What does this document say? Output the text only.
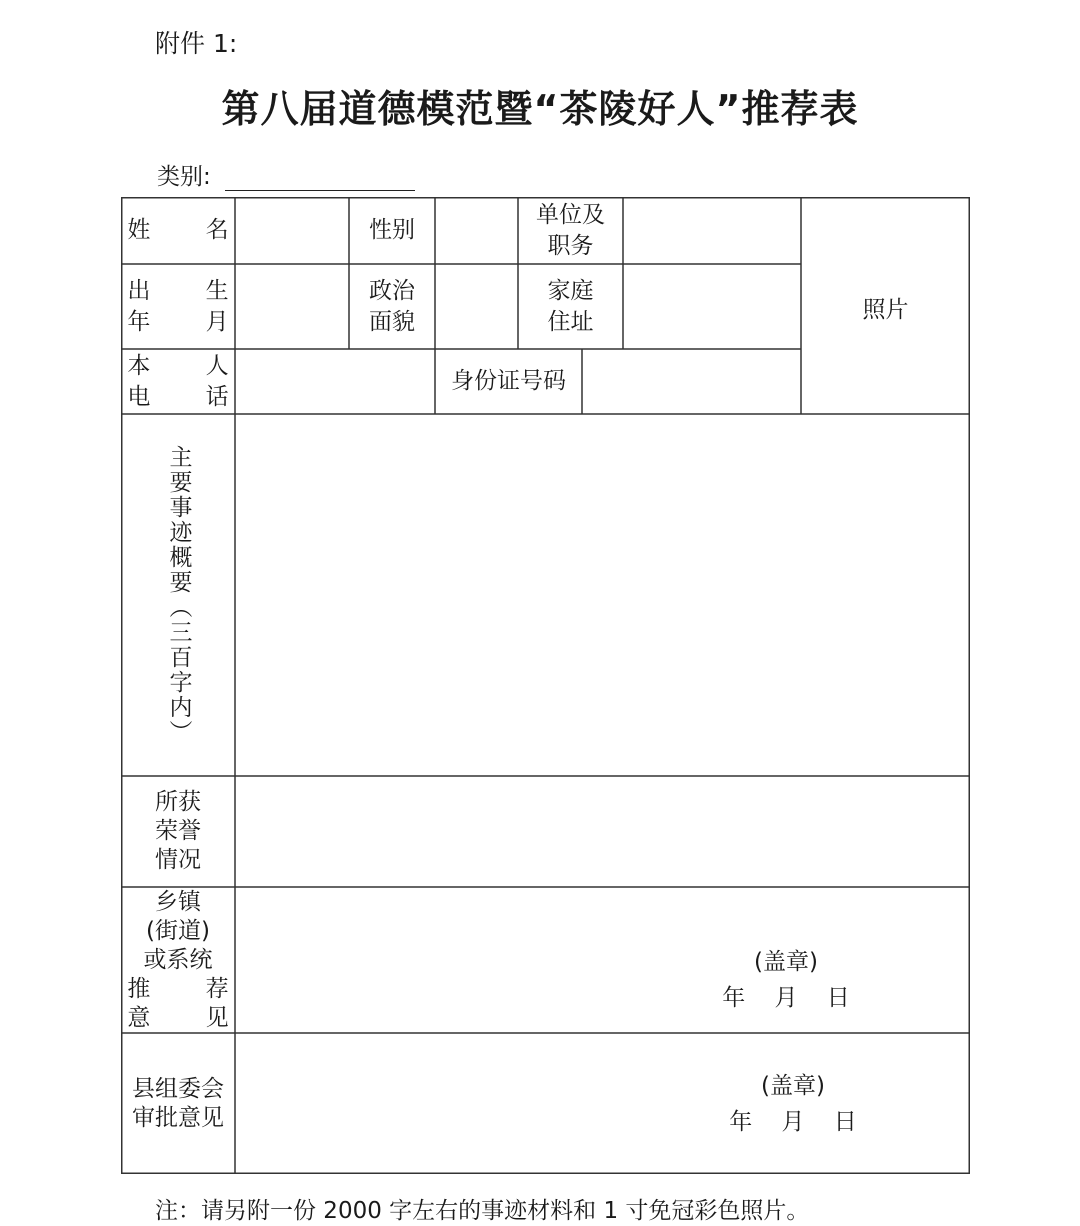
附件 1:
第八届道德模范暨“茶陵好人”推荐表
类别:
姓 名	性别
单位及
职务
照片
出 生
年 月
政治
面貌
家庭
住址
本 人
电 话
身份证号码
主要事迹概要（三百字内）
所获
荣誉
情况
乡镇
(街道)
或系统
推 荐
意 见
(盖章)
年 月 日
县组委会
审批意见
(盖章)
年 月 日
注：请另附一份 2000 字左右的事迹材料和 1 寸免冠彩色照片。
